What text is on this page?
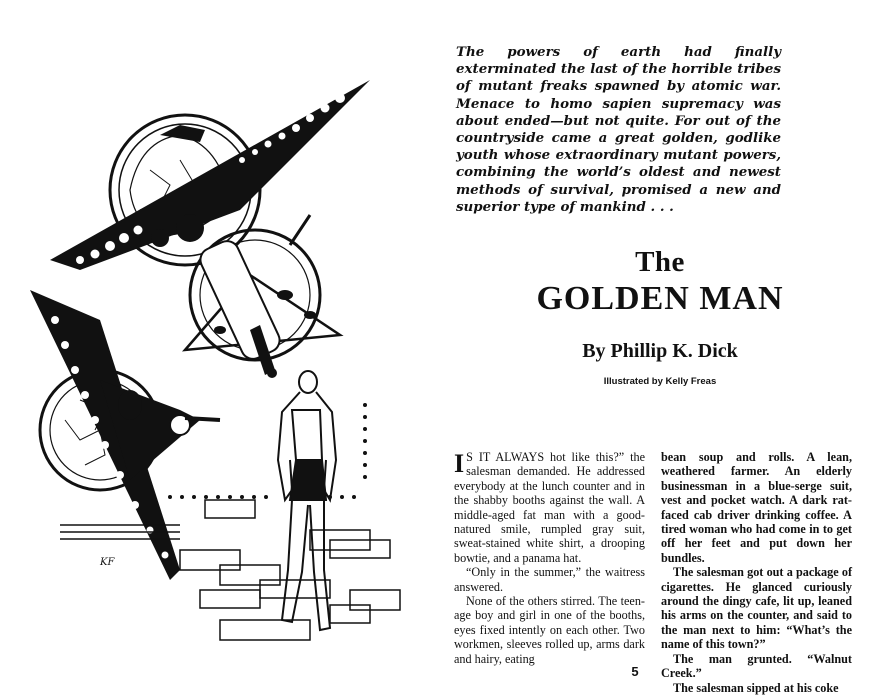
KF
The powers of earth had finally exterminated the last of the horrible tribes of mutant freaks spawned by atomic war. Menace to homo sapien supremacy was about ended—but not quite. For out of the countryside came a great golden, godlike youth whose extraordinary mutant powers, combining the world’s oldest and newest methods of survival, promised a new and superior type of mankind . . .
The
GOLDEN MAN
By Phillip K. Dick
Illustrated by Kelly Freas

I S IT ALWAYS hot like this?” the salesman demanded. He addressed everybody at the lunch counter and in the shabby booths against the wall. A middle-aged fat man with a good-natured smile, rumpled gray suit, sweat-stained white shirt, a drooping bowtie, and a panama hat.

“Only in the summer,” the waitress answered.

None of the others stirred. The teen-age boy and girl in one of the booths, eyes fixed intently on each other. Two workmen, sleeves rolled up, arms dark and hairy, eating

bean soup and rolls. A lean, weathered farmer. An elderly businessman in a blue-serge suit, vest and pocket watch. A dark rat-faced cab driver drinking coffee. A tired woman who had come in to get off her feet and put down her bundles.

The salesman got out a package of cigarettes. He glanced curiously around the dingy cafe, lit up, leaned his arms on the counter, and said to the man next to him: “What’s the name of this town?”

The man grunted. “Walnut Creek.”

The salesman sipped at his coke

5
